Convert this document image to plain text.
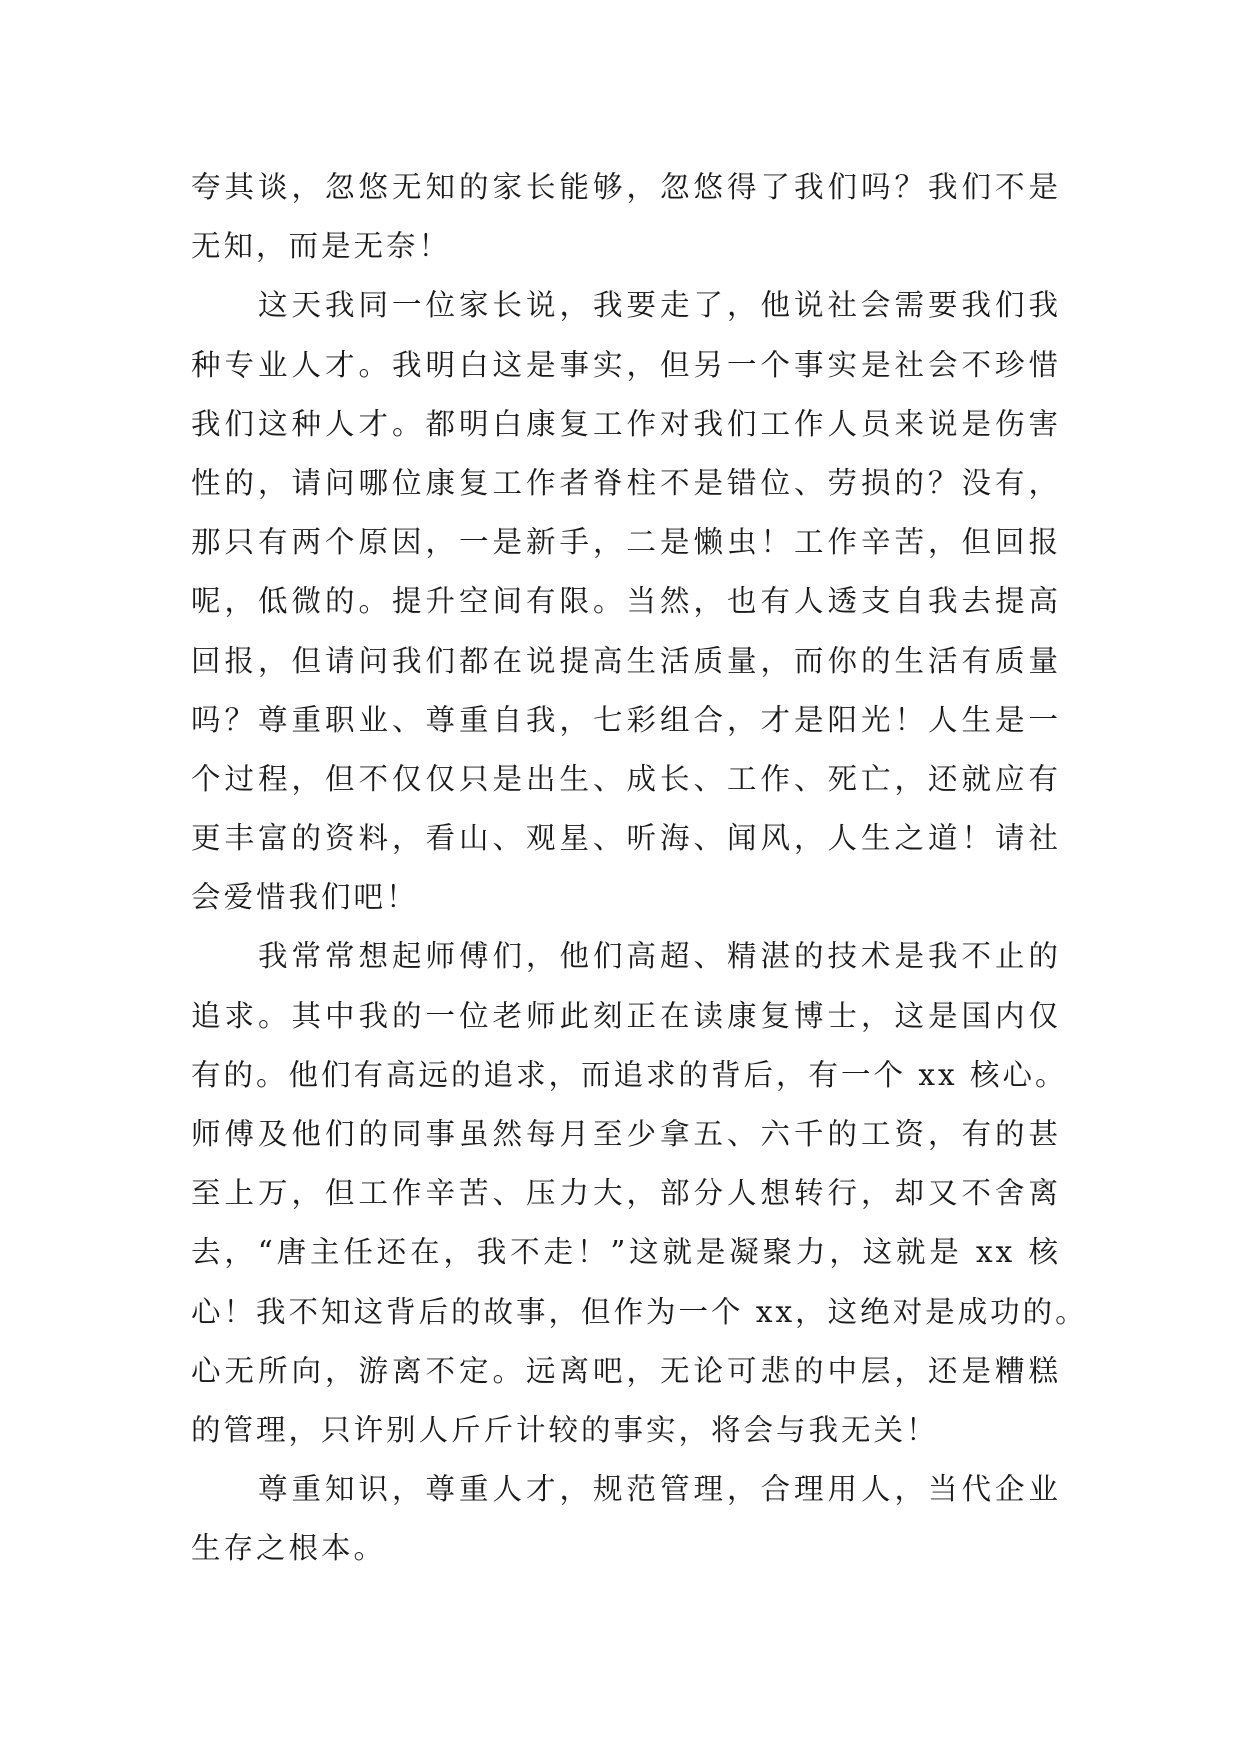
夸其谈，忽悠无知的家长能够，忽悠得了我们吗？我们不是
无知，而是无奈！
这天我同一位家长说，我要走了，他说社会需要我们我
种专业人才。我明白这是事实，但另一个事实是社会不珍惜
我们这种人才。都明白康复工作对我们工作人员来说是伤害
性的，请问哪位康复工作者脊柱不是错位、劳损的？没有，
那只有两个原因，一是新手，二是懒虫！工作辛苦，但回报
呢，低微的。提升空间有限。当然，也有人透支自我去提高
回报，但请问我们都在说提高生活质量，而你的生活有质量
吗？尊重职业、尊重自我，七彩组合，才是阳光！人生是一
个过程，但不仅仅只是出生、成长、工作、死亡，还就应有
更丰富的资料，看山、观星、听海、闻风，人生之道！请社
会爱惜我们吧！
我常常想起师傅们，他们高超、精湛的技术是我不止的
追求。其中我的一位老师此刻正在读康复博士，这是国内仅
有的。他们有高远的追求，而追求的背后，有一个 xx 核心。
师傅及他们的同事虽然每月至少拿五、六千的工资，有的甚
至上万，但工作辛苦、压力大，部分人想转行，却又不舍离
去，“唐主任还在，我不走！”这就是凝聚力，这就是 xx 核
心！我不知这背后的故事，但作为一个 xx，这绝对是成功的。
心无所向，游离不定。远离吧，无论可悲的中层，还是糟糕
的管理，只许别人斤斤计较的事实，将会与我无关！
尊重知识，尊重人才，规范管理，合理用人，当代企业
生存之根本。
